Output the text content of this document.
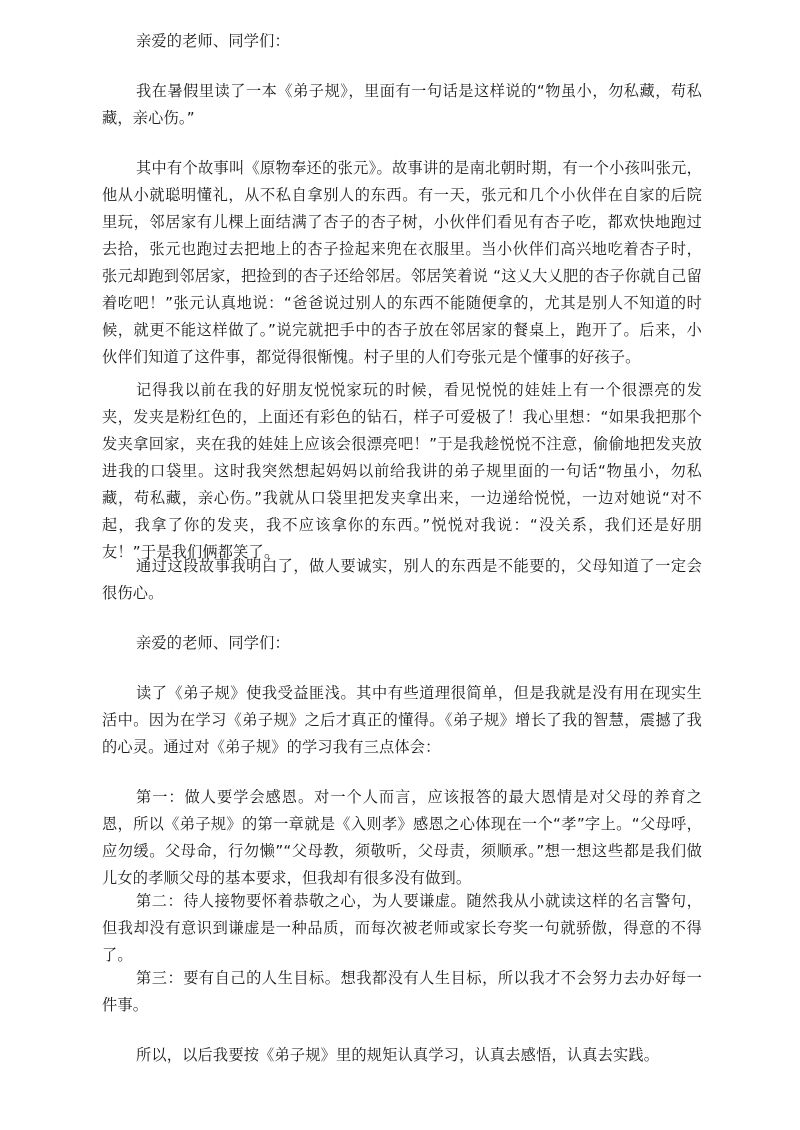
亲爱的老师、同学们：

我在暑假里读了一本《弟子规》，里面有一句话是这样说的“物虽小，勿私藏，苟私藏，亲心伤。”

其中有个故事叫《原物奉还的张元》。故事讲的是南北朝时期，有一个小孩叫张元，他从小就聪明懂礼，从不私自拿别人的东西。有一天，张元和几个小伙伴在自家的后院里玩，邻居家有儿棵上面结满了杏子的杏子树，小伙伴们看见有杏子吃，都欢快地跑过去拾，张元也跑过去把地上的杏子捡起来兜在衣服里。当小伙伴们高兴地吃着杏子时，张元却跑到邻居家，把捡到的杏子还给邻居。邻居笑着说 “这乂大乂肥的杏子你就自己留着吃吧！”张元认真地说：“爸爸说过别人的东西不能随便拿的，尤其是别人不知道的时候，就更不能这样做了。”说完就把手中的杏子放在邻居家的餐桌上，跑开了。后来，小伙伴们知道了这件事，都觉得很惭愧。村子里的人们夸张元是个懂事的好孩子。

记得我以前在我的好朋友悦悦家玩的时候，看见悦悦的娃娃上有一个很漂亮的发夹，发夹是粉红色的，上面还有彩色的钻石，样子可爱极了！我心里想：“如果我把那个发夹拿回家，夹在我的娃娃上应该会很漂亮吧！”于是我趁悦悦不注意，偷偷地把发夹放进我的口袋里。这时我突然想起妈妈以前给我讲的弟子规里面的一句话“物虽小，勿私藏，苟私藏，亲心伤。”我就从口袋里把发夹拿出来，一边递给悦悦，一边对她说“对不起，我拿了你的发夹，我不应该拿你的东西。”悦悦对我说：“没关系，我们还是好朋友！”于是我们俩都笑了。

通过这段故事我明白了，做人要诚实，别人的东西是不能要的，父母知道了一定会很伤心。

亲爱的老师、同学们：

读了《弟子规》使我受益匪浅。其中有些道理很简单，但是我就是没有用在现实生活中。因为在学习《弟子规》之后才真正的懂得。《弟子规》增长了我的智慧，震撼了我的心灵。通过对《弟子规》的学习我有三点体会：

第一：做人要学会感恩。对一个人而言，应该报答的最大恩情是对父母的养育之恩，所以《弟子规》的第一章就是《入则孝》感恩之心体现在一个“孝”字上。“父母呼，应勿缓。父母命，行勿懒”“父母教，须敬听，父母责，须顺承。”想一想这些都是我们做儿女的孝顺父母的基本要求，但我却有很多没有做到。

第二：待人接物要怀着恭敬之心，为人要谦虚。随然我从小就读这样的名言警句，但我却没有意识到谦虚是一种品质，而每次被老师或家长夸奖一句就骄傲，得意的不得了。

第三：要有自己的人生目标。想我都没有人生目标，所以我才不会努力去办好每一件事。

所以，以后我要按《弟子规》里的规矩认真学习，认真去感悟，认真去实践。
